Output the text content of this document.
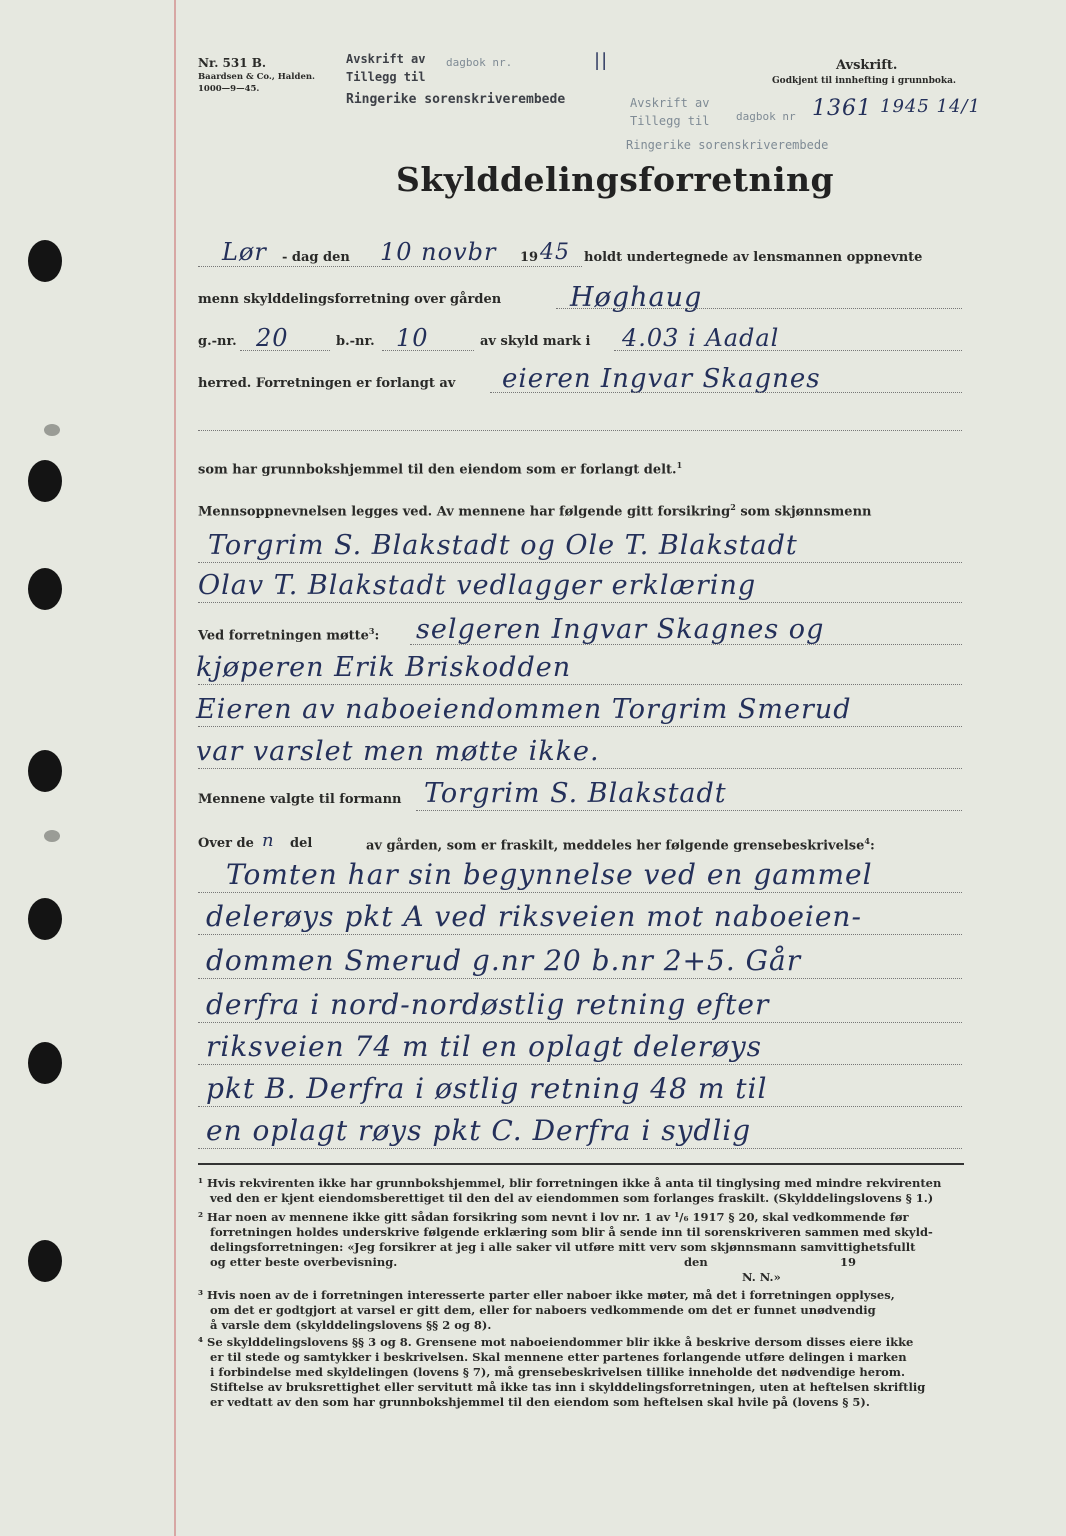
Nr. 531 B.
Baardsen & Co., Halden.
1000—9—45.
Avskrift av dagbok nr.	||
Tillegg til
Ringerike sorenskriverembede
Avskrift.
Godkjent til innhefting i grunnboka.
Avskrift av
Tillegg til
Ringerike sorenskriverembede
dagbok nr 1361 1945 14/1
Skylddelingsforretning
Lør - dag den 10 novbr 19 45 holdt undertegnede av lensmannen oppnevnte
menn skylddelingsforretning over gården	Høghaug
g.-nr. 20	b.-nr. 10	av skyld mark i 4.03 i Aadal
herred. Forretningen er forlangt av eieren Ingvar Skagnes
som har grunnbokshjemmel til den eiendom som er forlangt delt.$^1$
Mennsoppnevnelsen legges ved. Av mennene har følgende gitt forsikring$^2$ som skjønnsmenn
Torgrim S. Blakstadt og Ole T. Blakstadt
Olav T. Blakstadt vedlagger erklæring
Ved forretningen møtte$^3$: selgeren Ingvar Skagnes og
kjøperen Erik Briskodden
Eieren av naboeiendommen Torgrim Smerud
var varslet men møtte ikke.
Mennene valgte til formann Torgrim S. Blakstadt
Over de n del	av gården, som er fraskilt, meddeles her følgende grensebeskrivelse$^4$:
Tomten har sin begynnelse ved en gammel
delerøys pkt A ved riksveien mot naboeien-
dommen Smerud g.nr 20 b.nr 2+5. Går
derfra i nord-nordøstlig retning efter
riksveien 74 m til en oplagt delerøys
pkt B. Derfra i østlig retning 48 m til
en oplagt røys pkt C. Derfra i sydlig
¹ Hvis rekvirenten ikke har grunnbokshjemmel, blir forretningen ikke å anta til tinglysing med mindre rekvirenten
ved den er kjent eiendomsberettiget til den del av eiendommen som forlanges fraskilt. (Skylddelingslovens § 1.)
² Har noen av mennene ikke gitt sådan forsikring som nevnt i lov nr. 1 av ¹/₆ 1917 § 20, skal vedkommende før
forretningen holdes underskrive følgende erklæring som blir å sende inn til sorenskriveren sammen med skyld-
delingsforretningen: «Jeg forsikrer at jeg i alle saker vil utføre mitt verv som skjønnsmann samvittighetsfullt
og etter beste overbevisning.	den	19
N. N.»
³ Hvis noen av de i forretningen interesserte parter eller naboer ikke møter, må det i forretningen opplyses,
om det er godtgjort at varsel er gitt dem, eller for naboers vedkommende om det er funnet unødvendig
å varsle dem (skylddelingslovens §§ 2 og 8).
⁴ Se skylddelingslovens §§ 3 og 8. Grensene mot naboeiendommer blir ikke å beskrive dersom disses eiere ikke
er til stede og samtykker i beskrivelsen. Skal mennene etter partenes forlangende utføre delingen i marken
i forbindelse med skyldelingen (lovens § 7), må grensebeskrivelsen tillike inneholde det nødvendige herom.
Stiftelse av bruksrettighet eller servitutt må ikke tas inn i skylddelingsforretningen, uten at heftelsen skriftlig
er vedtatt av den som har grunnbokshjemmel til den eiendom som heftelsen skal hvile på (lovens § 5).
